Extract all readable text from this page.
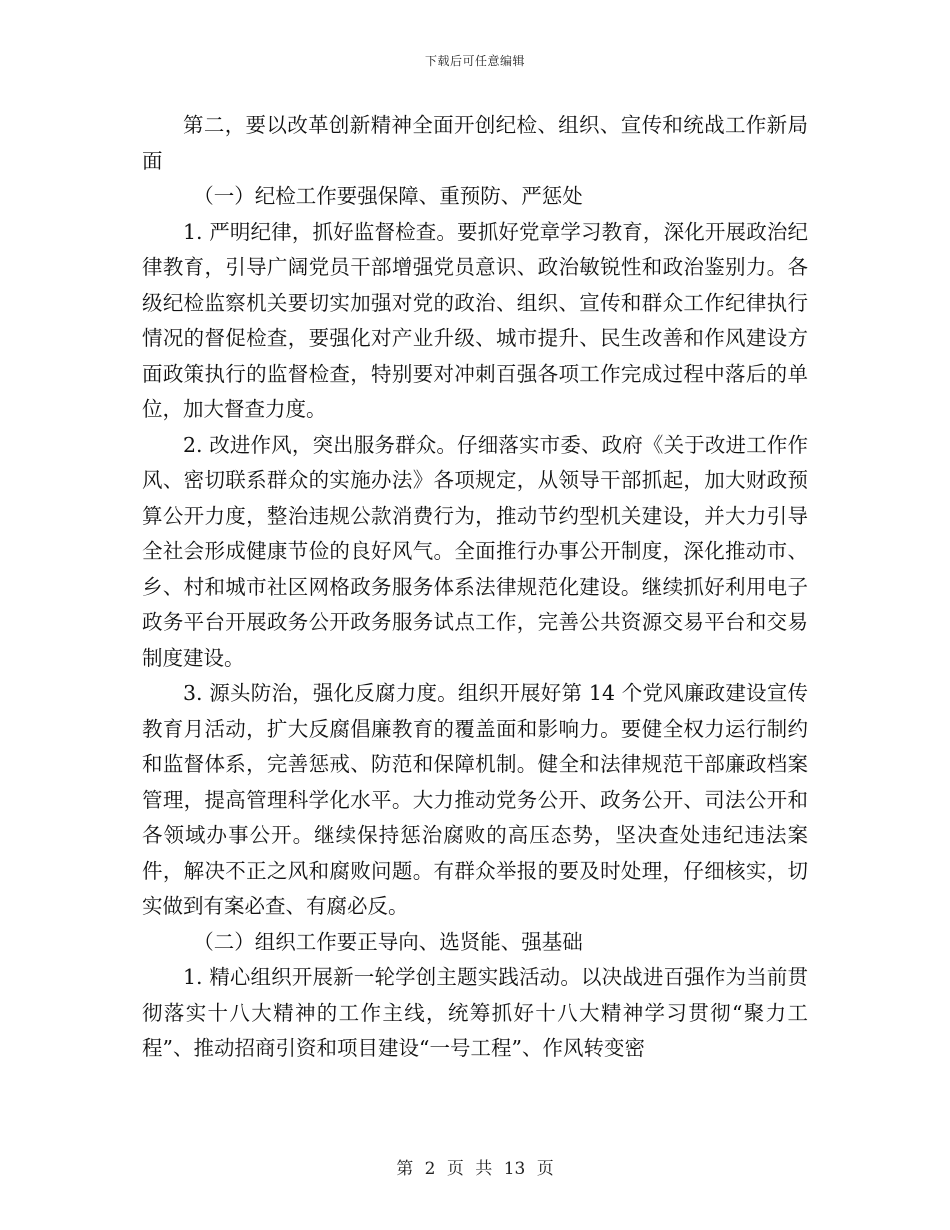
下载后可任意编辑

第二，要以改革创新精神全面开创纪检、组织、宣传和统战工作新局面

（一）纪检工作要强保障、重预防、严惩处

1. 严明纪律，抓好监督检查。要抓好党章学习教育，深化开展政治纪律教育，引导广阔党员干部增强党员意识、政治敏锐性和政治鉴别力。各级纪检监察机关要切实加强对党的政治、组织、宣传和群众工作纪律执行情况的督促检查，要强化对产业升级、城市提升、民生改善和作风建设方面政策执行的监督检查，特别要对冲刺百强各项工作完成过程中落后的单位，加大督查力度。

2. 改进作风，突出服务群众。仔细落实市委、政府《关于改进工作作风、密切联系群众的实施办法》各项规定，从领导干部抓起，加大财政预算公开力度，整治违规公款消费行为，推动节约型机关建设，并大力引导全社会形成健康节俭的良好风气。全面推行办事公开制度，深化推动市、乡、村和城市社区网格政务服务体系法律规范化建设。继续抓好利用电子政务平台开展政务公开政务服务试点工作，完善公共资源交易平台和交易制度建设。

3. 源头防治，强化反腐力度。组织开展好第 14 个党风廉政建设宣传教育月活动，扩大反腐倡廉教育的覆盖面和影响力。要健全权力运行制约和监督体系，完善惩戒、防范和保障机制。健全和法律规范干部廉政档案管理，提高管理科学化水平。大力推动党务公开、政务公开、司法公开和各领域办事公开。继续保持惩治腐败的高压态势，坚决查处违纪违法案件，解决不正之风和腐败问题。有群众举报的要及时处理，仔细核实，切实做到有案必查、有腐必反。

（二）组织工作要正导向、选贤能、强基础

1. 精心组织开展新一轮学创主题实践活动。以决战进百强作为当前贯彻落实十八大精神的工作主线，统筹抓好十八大精神学习贯彻“聚力工程”、推动招商引资和项目建设“一号工程”、作风转变密

第 2 页 共 13 页
